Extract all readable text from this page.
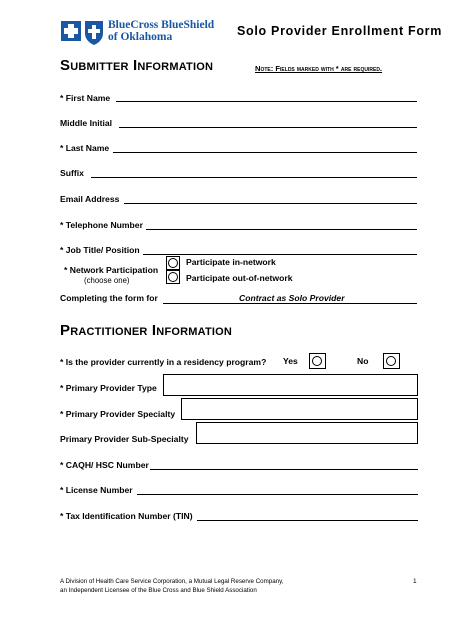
BlueCross BlueShield
of Oklahoma	Solo Provider Enrollment Form
Submitter Information	Note: Fields marked with * are required.
* First Name
Middle Initial
* Last Name
Suffix
Email Address
* Telephone Number
* Job Title/ Position
* Network Participation
(choose one)
Participate in-network
Participate out-of-network
Completing the form for	Contract as Solo Provider
Practitioner Information
* Is the provider currently in a residency program? Yes	No
* Primary Provider Type
* Primary Provider Specialty
Primary Provider Sub-Specialty
* CAQH/ HSC Number
* License Number
* Tax Identification Number (TIN)
A Division of Health Care Service Corporation, a Mutual Legal Reserve Company,
an Independent Licensee of the Blue Cross and Blue Shield Association
1
